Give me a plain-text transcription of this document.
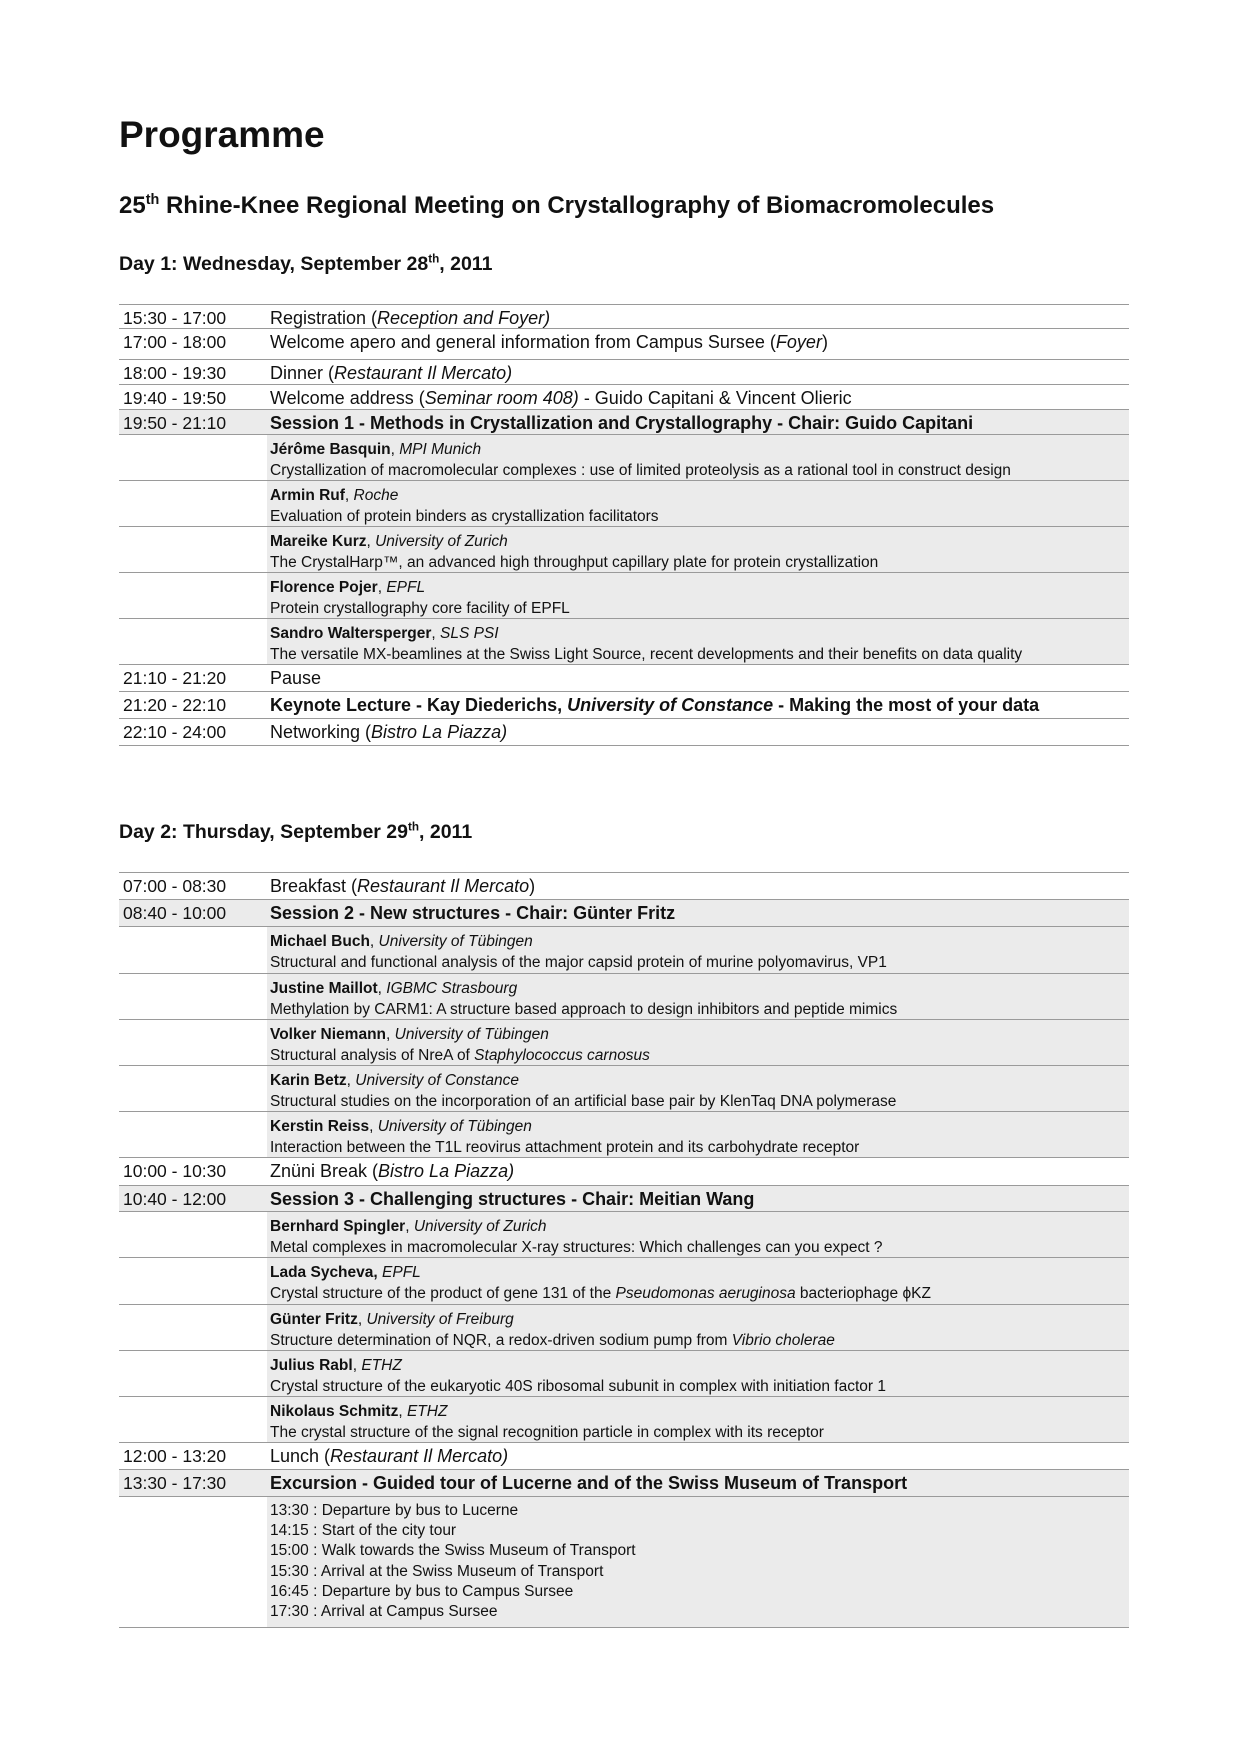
Programme
25th Rhine-Knee Regional Meeting on Crystallography of Biomacromolecules
Day 1: Wednesday, September 28th, 2011
15:30 - 17:00 Registration (Reception and Foyer)
17:00 - 18:00 Welcome apero and general information from Campus Sursee (Foyer)
18:00 - 19:30 Dinner (Restaurant Il Mercato)
19:40 - 19:50 Welcome address (Seminar room 408) - Guido Capitani & Vincent Olieric
19:50 - 21:10 Session 1 - Methods in Crystallization and Crystallography - Chair: Guido Capitani
Jérôme Basquin, MPI Munich
Crystallization of macromolecular complexes : use of limited proteolysis as a rational tool in construct design
Armin Ruf, Roche
Evaluation of protein binders as crystallization facilitators
Mareike Kurz, University of Zurich
The CrystalHarp™, an advanced high throughput capillary plate for protein crystallization
Florence Pojer, EPFL
Protein crystallography core facility of EPFL
Sandro Waltersperger, SLS PSI
The versatile MX-beamlines at the Swiss Light Source, recent developments and their benefits on data quality
21:10 - 21:20 Pause
21:20 - 22:10 Keynote Lecture - Kay Diederichs, University of Constance - Making the most of your data
22:10 - 24:00 Networking (Bistro La Piazza)
Day 2: Thursday, September 29th, 2011
07:00 - 08:30 Breakfast (Restaurant Il Mercato)
08:40 - 10:00 Session 2 - New structures - Chair: Günter Fritz
Michael Buch, University of Tübingen
Structural and functional analysis of the major capsid protein of murine polyomavirus, VP1
Justine Maillot, IGBMC Strasbourg
Methylation by CARM1: A structure based approach to design inhibitors and peptide mimics
Volker Niemann, University of Tübingen
Structural analysis of NreA of Staphylococcus carnosus
Karin Betz, University of Constance
Structural studies on the incorporation of an artificial base pair by KlenTaq DNA polymerase
Kerstin Reiss, University of Tübingen
Interaction between the T1L reovirus attachment protein and its carbohydrate receptor
10:00 - 10:30 Znüni Break (Bistro La Piazza)
10:40 - 12:00 Session 3 - Challenging structures - Chair: Meitian Wang
Bernhard Spingler, University of Zurich
Metal complexes in macromolecular X-ray structures: Which challenges can you expect ?
Lada Sycheva, EPFL
Crystal structure of the product of gene 131 of the Pseudomonas aeruginosa bacteriophage ϕKZ
Günter Fritz, University of Freiburg
Structure determination of NQR, a redox-driven sodium pump from Vibrio cholerae
Julius Rabl, ETHZ
Crystal structure of the eukaryotic 40S ribosomal subunit in complex with initiation factor 1
Nikolaus Schmitz, ETHZ
The crystal structure of the signal recognition particle in complex with its receptor
12:00 - 13:20 Lunch (Restaurant Il Mercato)
13:30 - 17:30 Excursion - Guided tour of Lucerne and of the Swiss Museum of Transport
13:30 : Departure by bus to Lucerne
14:15 : Start of the city tour
15:00 : Walk towards the Swiss Museum of Transport
15:30 : Arrival at the Swiss Museum of Transport
16:45 : Departure by bus to Campus Sursee
17:30 : Arrival at Campus Sursee
